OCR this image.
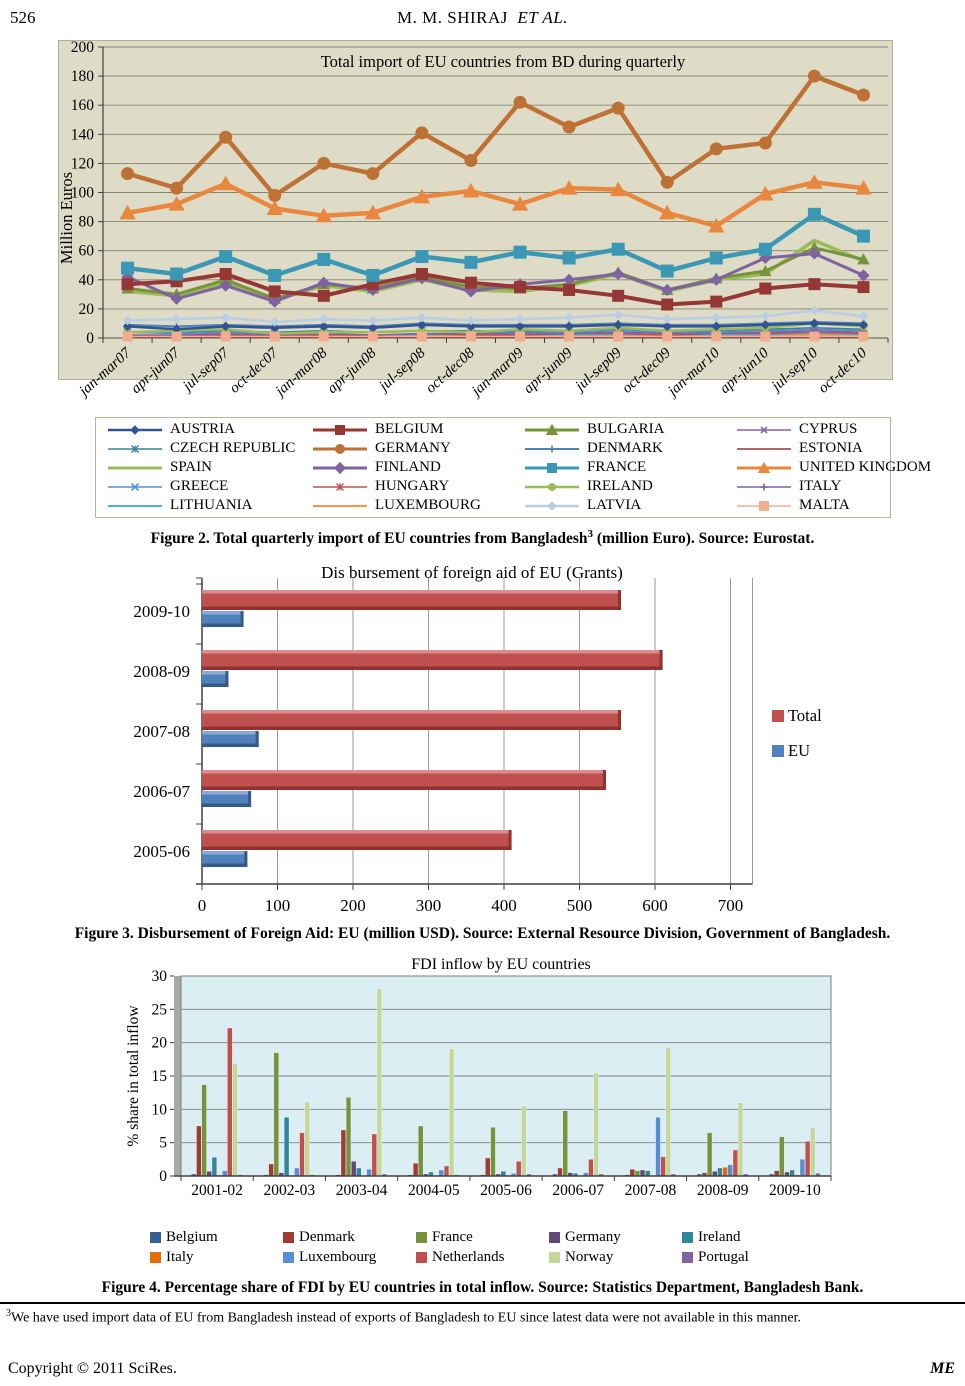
526	M. M. SHIRAJ ET AL.
0
20
40
60
80
100
120
140
160
180
200
Total import of EU countries from BD during quarterly
Million Euros
jan-mar07
apr-jun07
jul-sep07
oct-dec07
jan-mar08
apr-jun08
jul-sep08
oct-dec08
jan-mar09
apr-jun09
jul-sep09
oct-dec09
jan-mar10
apr-jun10
jul-sep10
oct-dec10
AUSTRIA	BELGIUM	BULGARIA	CYPRUS
CZECH REPUBLIC	GERMANY	DENMARK	ESTONIA
SPAIN	FINLAND	FRANCE	UNITED KINGDOM
GREECE	HUNGARY	IRELAND	ITALY
LITHUANIA	LUXEMBOURG	LATVIA	MALTA
Figure 2. Total quarterly import of EU countries from Bangladesh$^3$ (million Euro). Source: Eurostat.
Dis bursement of foreign aid of EU (Grants)
0	100	200	300	400	500	600	700
2009-10
2008-09
2007-08
2006-07
2005-06
Total
EU
Figure 3. Disbursement of Foreign Aid: EU (million USD). Source: External Resource Division, Government of Bangladesh.
FDI inflow by EU countries
0
5
10
15
20
25
30
% share in total inflow
2001-02 2002-03 2003-04 2004-05 2005-06 2006-07 2007-08 2008-09 2009-10
Belgium	Denmark	France	Germany	Ireland
Italy	Luxembourg	Netherlands	Norway	Portugal
Figure 4. Percentage share of FDI by EU countries in total inflow. Source: Statistics Department, Bangladesh Bank.
$^3$We have used import data of EU from Bangladesh instead of exports of Bangladesh to EU since latest data were not available in this manner.
Copyright © 2011 SciRes.	ME
